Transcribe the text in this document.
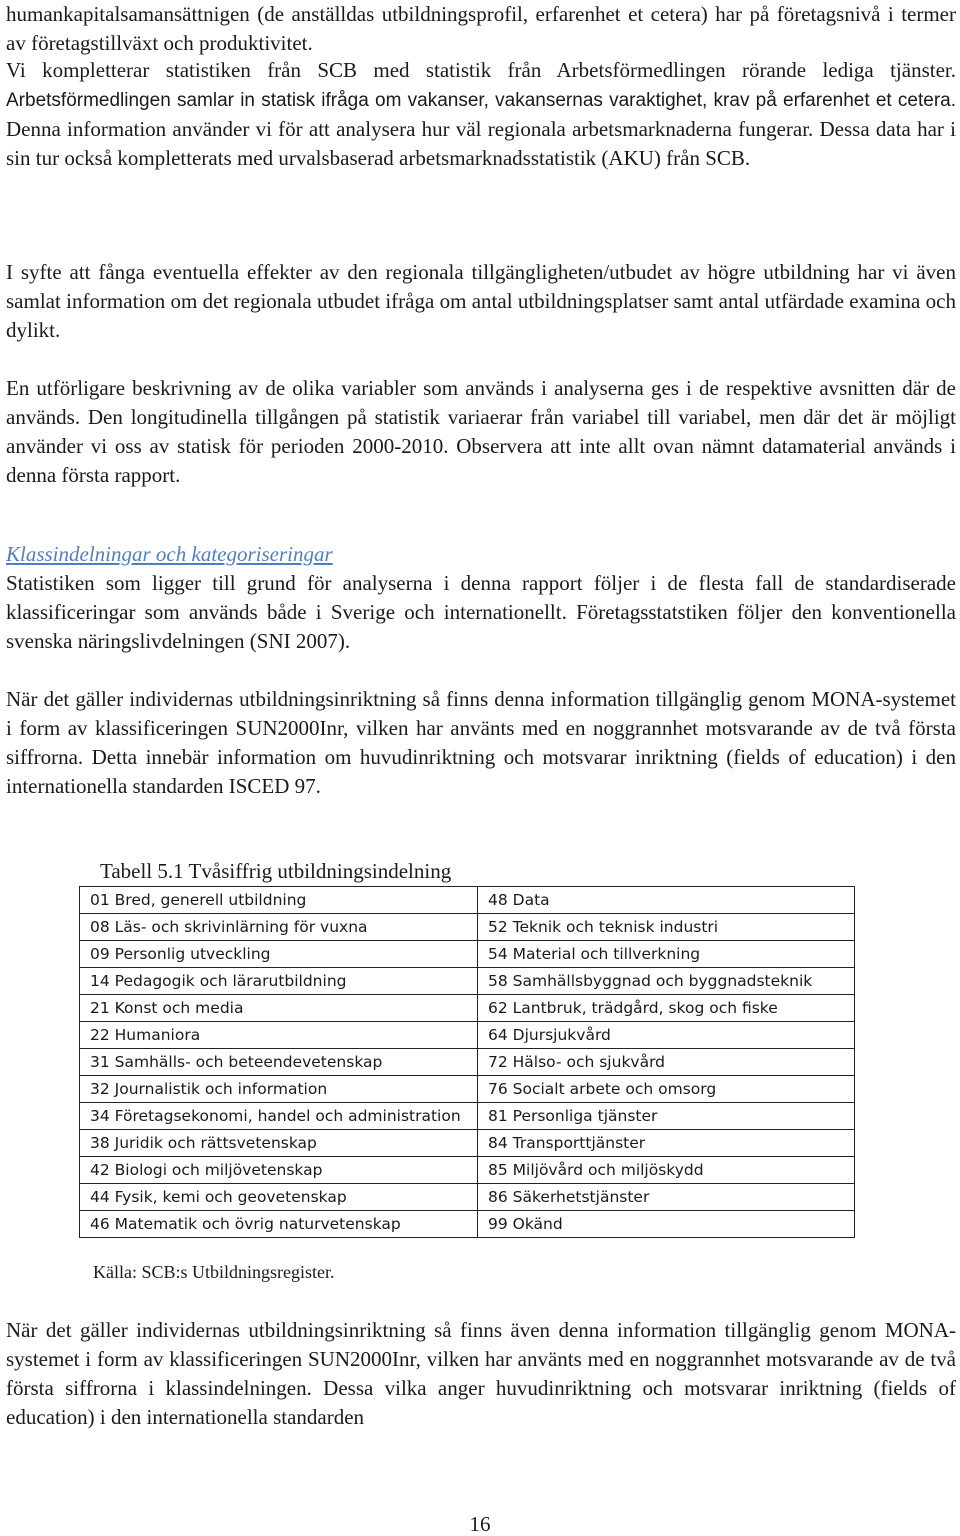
humankapitalsamansättnigen (de anställdas utbildningsprofil, erfarenhet et cetera) har på företagsnivå i termer av företagstillväxt och produktivitet.

Vi kompletterar statistiken från SCB med statistik från Arbetsförmedlingen rörande lediga tjänster. Arbetsförmedlingen samlar in statisk ifråga om vakanser, vakansernas varaktighet, krav på erfarenhet et cetera. Denna information använder vi för att analysera hur väl regionala arbetsmarknaderna fungerar. Dessa data har i sin tur också kompletterats med urvalsbaserad arbetsmarknadsstatistik (AKU) från SCB.

I syfte att fånga eventuella effekter av den regionala tillgängligheten/utbudet av högre utbildning har vi även samlat information om det regionala utbudet ifråga om antal utbildningsplatser samt antal utfärdade examina och dylikt.

En utförligare beskrivning av de olika variabler som används i analyserna ges i de respektive avsnitten där de används. Den longitudinella tillgången på statistik variaerar från variabel till variabel, men där det är möjligt använder vi oss av statisk för perioden 2000-2010. Observera att inte allt ovan nämnt datamaterial används i denna första rapport.

Klassindelningar och kategoriseringar

Statistiken som ligger till grund för analyserna i denna rapport följer i de flesta fall de standardiserade klassificeringar som används både i Sverige och internationellt. Företagsstatstiken följer den konventionella svenska näringslivdelningen (SNI 2007).

När det gäller individernas utbildningsinriktning så finns denna information tillgänglig genom MONA-systemet i form av klassificeringen SUN2000Inr, vilken har använts med en noggrannhet motsvarande av de två första siffrorna. Detta innebär information om huvudinriktning och motsvarar inriktning (fields of education) i den internationella standarden ISCED 97.

Tabell 5.1 Tvåsiffrig utbildningsindelning
01 Bred, generell utbildning	48 Data
08 Läs- och skrivinlärning för vuxna	52 Teknik och teknisk industri
09 Personlig utveckling	54 Material och tillverkning
14 Pedagogik och lärarutbildning	58 Samhällsbyggnad och byggnadsteknik
21 Konst och media	62 Lantbruk, trädgård, skog och fiske
22 Humaniora	64 Djursjukvård
31 Samhälls- och beteendevetenskap	72 Hälso- och sjukvård
32 Journalistik och information	76 Socialt arbete och omsorg
34 Företagsekonomi, handel och administration	81 Personliga tjänster
38 Juridik och rättsvetenskap	84 Transporttjänster
42 Biologi och miljövetenskap	85 Miljövård och miljöskydd
44 Fysik, kemi och geovetenskap	86 Säkerhetstjänster
46 Matematik och övrig naturvetenskap	99 Okänd

Källa: SCB:s Utbildningsregister.

När det gäller individernas utbildningsinriktning så finns även denna information tillgänglig genom MONA-systemet i form av klassificeringen SUN2000Inr, vilken har använts med en noggrannhet motsvarande av de två första siffrorna i klassindelningen. Dessa vilka anger huvudinriktning och motsvarar inriktning (fields of education) i den internationella standarden

16
